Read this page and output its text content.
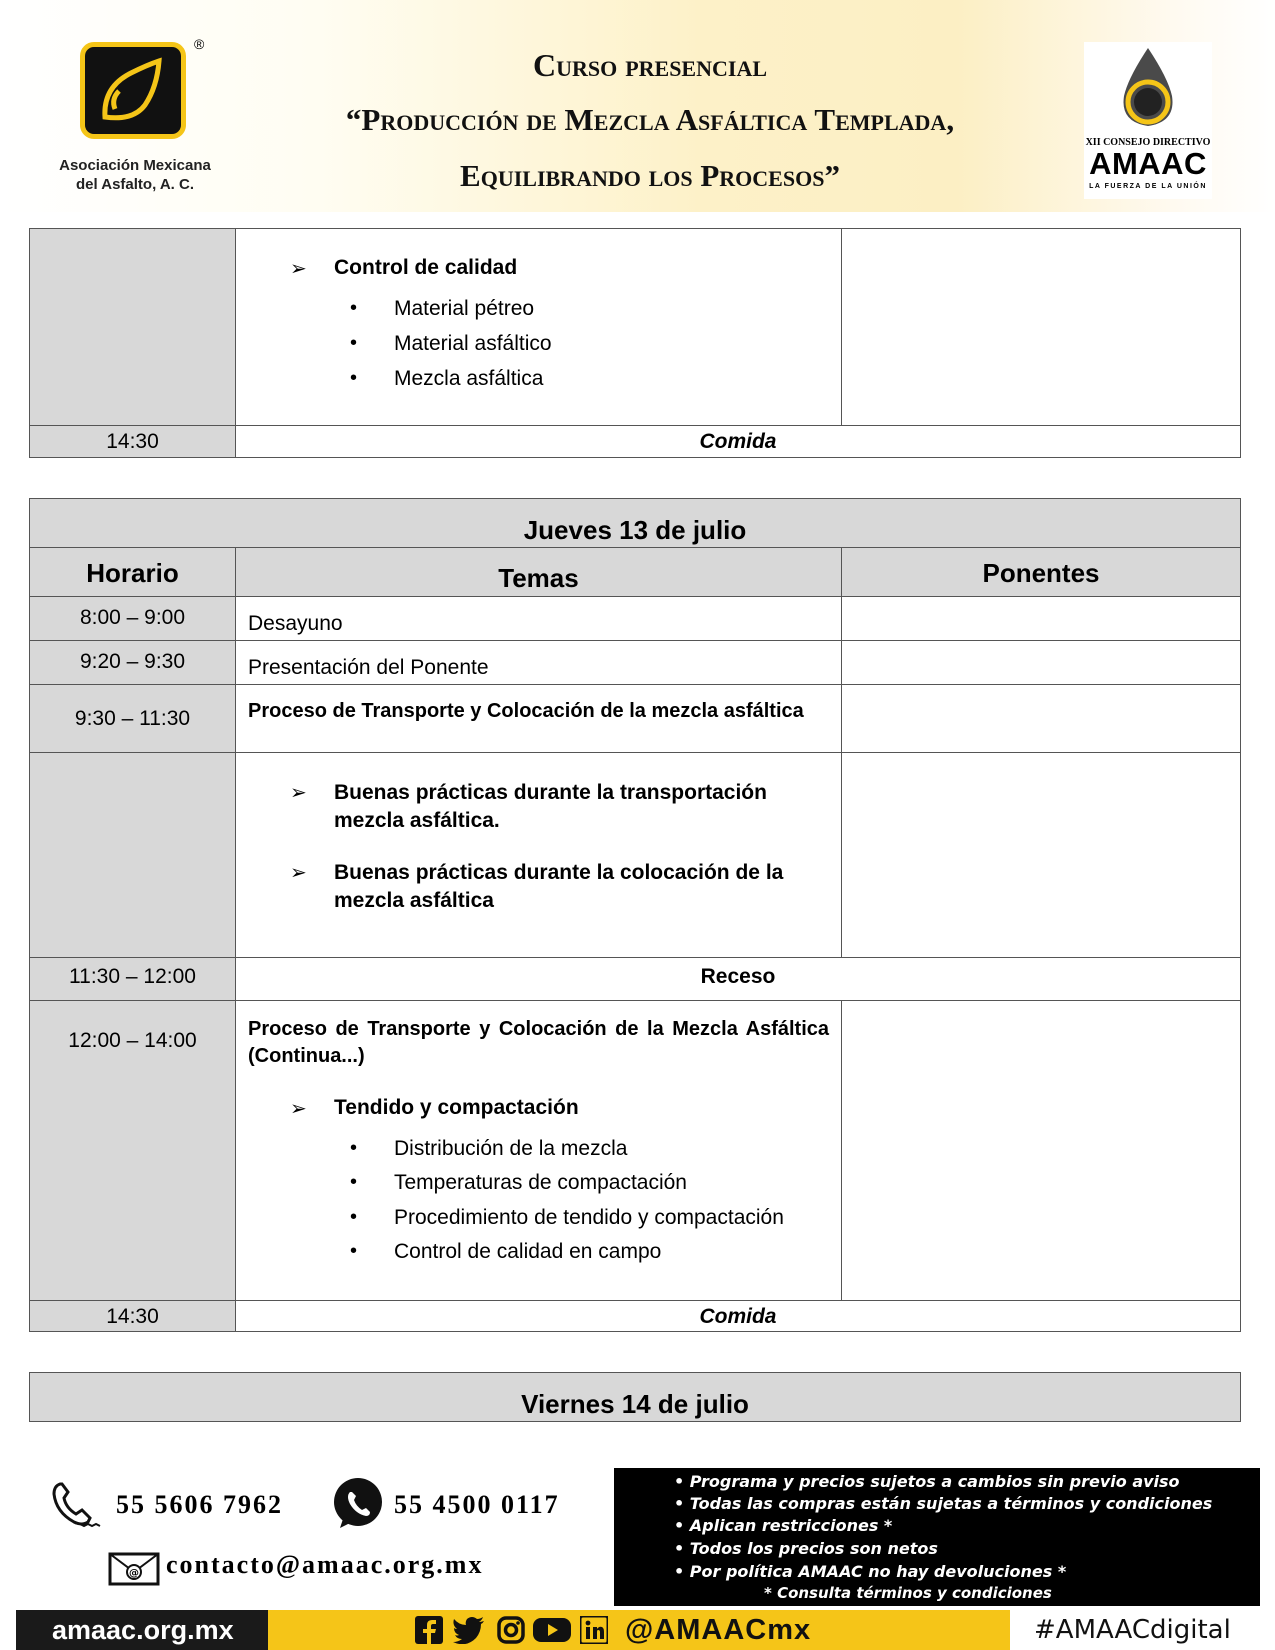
®
Asociación Mexicana
del Asfalto, A. C.
Curso presencial
“Producción de Mezcla Asfáltica Templada,
Equilibrando los Procesos”
XII CONSEJO DIRECTIVO
AMAAC
LA FUERZA DE LA UNIÓN
➢ Control de calidad
• Material pétreo
• Material asfáltico
• Mezcla asfáltica
14:30	Comida
Jueves 13 de julio
Horario	Temas	Ponentes
8:00 – 9:00	Desayuno
9:20 – 9:30	Presentación del Ponente
9:30 – 11:30	Proceso de Transporte y Colocación de la mezcla asfáltica
➢	Buenas prácticas durante la transportación mezcla asfáltica.
➢	Buenas prácticas durante la colocación de la mezcla asfáltica
11:30 – 12:00	Receso
12:00 – 14:00	Proceso de Transporte y Colocación de la Mezcla Asfáltica (Continua...)
➢ Tendido y compactación
• Distribución de la mezcla
• Temperaturas de compactación
• Procedimiento de tendido y compactación
• Control de calidad en campo
14:30	Comida
Viernes 14 de julio
55 5606 7962	55 4500 0117
@ contacto@amaac.org.mx
• Programa y precios sujetos a cambios sin previo aviso
• Todas las compras están sujetas a términos y condiciones
• Aplican restricciones *
• Todos los precios son netos
• Por política AMAAC no hay devoluciones *
* Consulta términos y condiciones
amaac.org.mx	@AMAACmx	#AMAACdigital
